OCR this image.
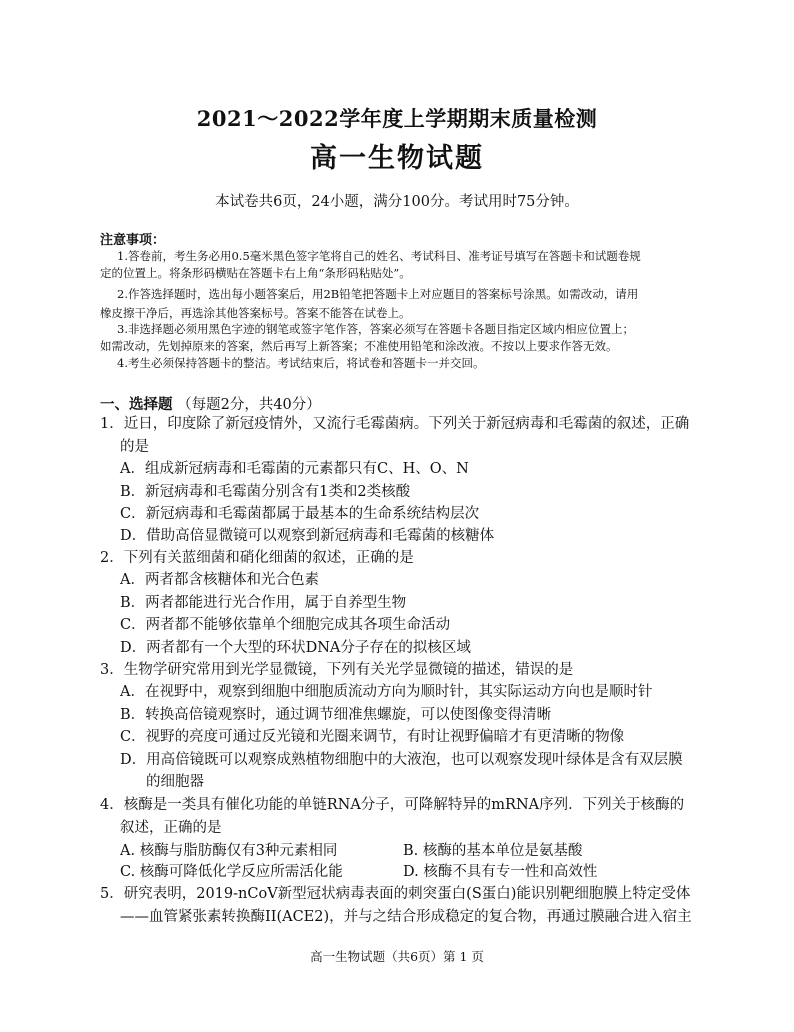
2021～2022学年度上学期期末质量检测
高一生物试题
本试卷共6页，24小题，满分100分。考试用时75分钟。
注意事项：
1.答卷前，考生务必用0.5毫米黑色签字笔将自己的姓名、考试科目、准考证号填写在答题卡和试题卷规
定的位置上。将条形码横贴在答题卡右上角“条形码粘贴处”。
2.作答选择题时，选出每小题答案后，用2B铅笔把答题卡上对应题目的答案标号涂黑。如需改动，请用
橡皮擦干净后，再选涂其他答案标号。答案不能答在试卷上。
3.非选择题必须用黑色字迹的钢笔或签字笔作答，答案必须写在答题卡各题目指定区域内相应位置上；
如需改动，先划掉原来的答案，然后再写上新答案；不准使用铅笔和涂改液。不按以上要求作答无效。
4.考生必须保持答题卡的整洁。考试结束后，将试卷和答题卡一并交回。
一、选择题 （每题2分，共40分）
1．近日，印度除了新冠疫情外，又流行毛霉菌病。下列关于新冠病毒和毛霉菌的叙述，正确
的是
A．组成新冠病毒和毛霉菌的元素都只有C、H、O、N
B．新冠病毒和毛霉菌分别含有1类和2类核酸
C．新冠病毒和毛霉菌都属于最基本的生命系统结构层次
D．借助高倍显微镜可以观察到新冠病毒和毛霉菌的核糖体
2．下列有关蓝细菌和硝化细菌的叙述，正确的是
A．两者都含核糖体和光合色素
B．两者都能进行光合作用，属于自养型生物
C．两者都不能够依靠单个细胞完成其各项生命活动
D．两者都有一个大型的环状DNA分子存在的拟核区域
3．生物学研究常用到光学显微镜，下列有关光学显微镜的描述，错误的是
A．在视野中，观察到细胞中细胞质流动方向为顺时针，其实际运动方向也是顺时针
B．转换高倍镜观察时，通过调节细准焦螺旋，可以使图像变得清晰
C．视野的亮度可通过反光镜和光圈来调节，有时让视野偏暗才有更清晰的物像
D．用高倍镜既可以观察成熟植物细胞中的大液泡，也可以观察发现叶绿体是含有双层膜
的细胞器
4．核酶是一类具有催化功能的单链RNA分子，可降解特异的mRNA序列．下列关于核酶的
叙述，正确的是
A. 核酶与脂肪酶仅有3种元素相同	B. 核酶的基本单位是氨基酸
C. 核酶可降低化学反应所需活化能	D. 核酶不具有专一性和高效性
5．研究表明，2019-nCoV新型冠状病毒表面的刺突蛋白(S蛋白)能识别靶细胞膜上特定受体
——血管紧张素转换酶II(ACE2)，并与之结合形成稳定的复合物，再通过膜融合进入宿主
高一生物试题（共6页）第 1 页
